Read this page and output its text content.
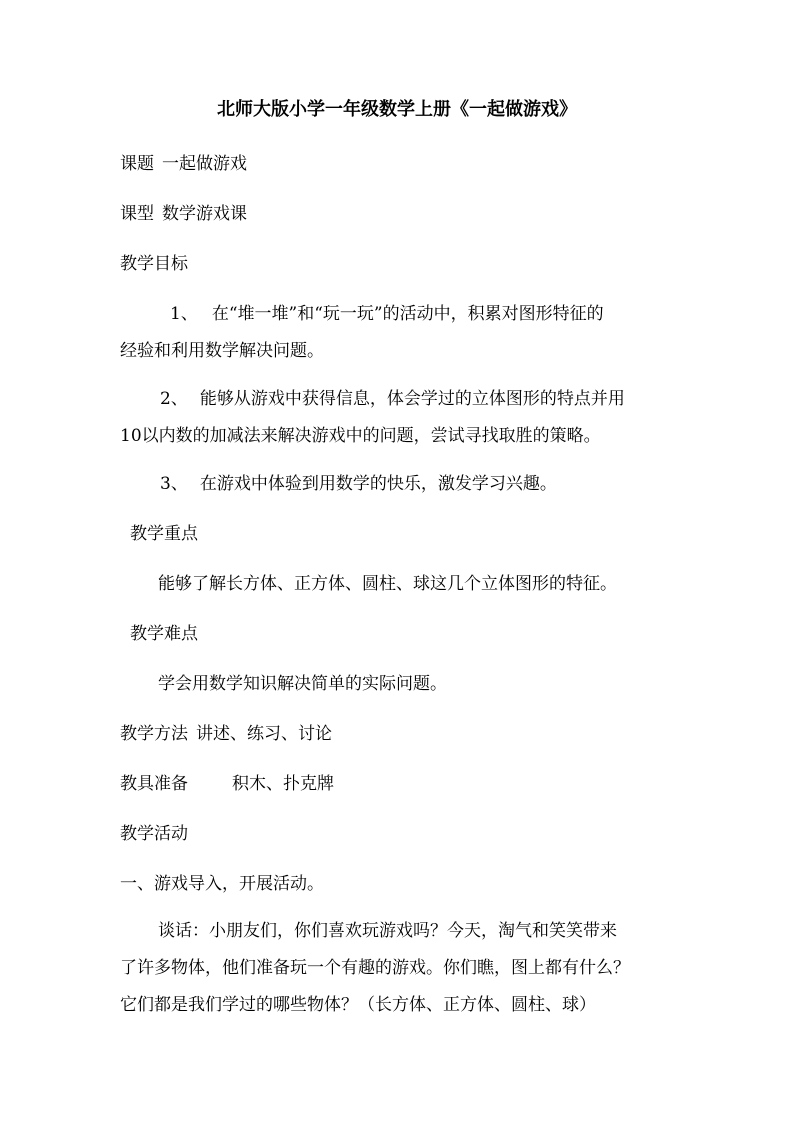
北师大版小学一年级数学上册《一起做游戏》

课题 一起做游戏

课型 数学游戏课

教学目标

1、 在“堆一堆”和“玩一玩”的活动中，积累对图形特征的

经验和利用数学解决问题。

2、 能够从游戏中获得信息，体会学过的立体图形的特点并用

10以内数的加减法来解决游戏中的问题，尝试寻找取胜的策略。

3、 在游戏中体验到用数学的快乐，激发学习兴趣。

教学重点

能够了解长方体、正方体、圆柱、球这几个立体图形的特征。

教学难点

学会用数学知识解决简单的实际问题。

教学方法 讲述、练习、讨论

教具准备	积木、扑克牌

教学活动

一、游戏导入，开展活动。

谈话：小朋友们，你们喜欢玩游戏吗？今天，淘气和笑笑带来

了许多物体，他们准备玩一个有趣的游戏。你们瞧，图上都有什么？

它们都是我们学过的哪些物体？（长方体、正方体、圆柱、球）
